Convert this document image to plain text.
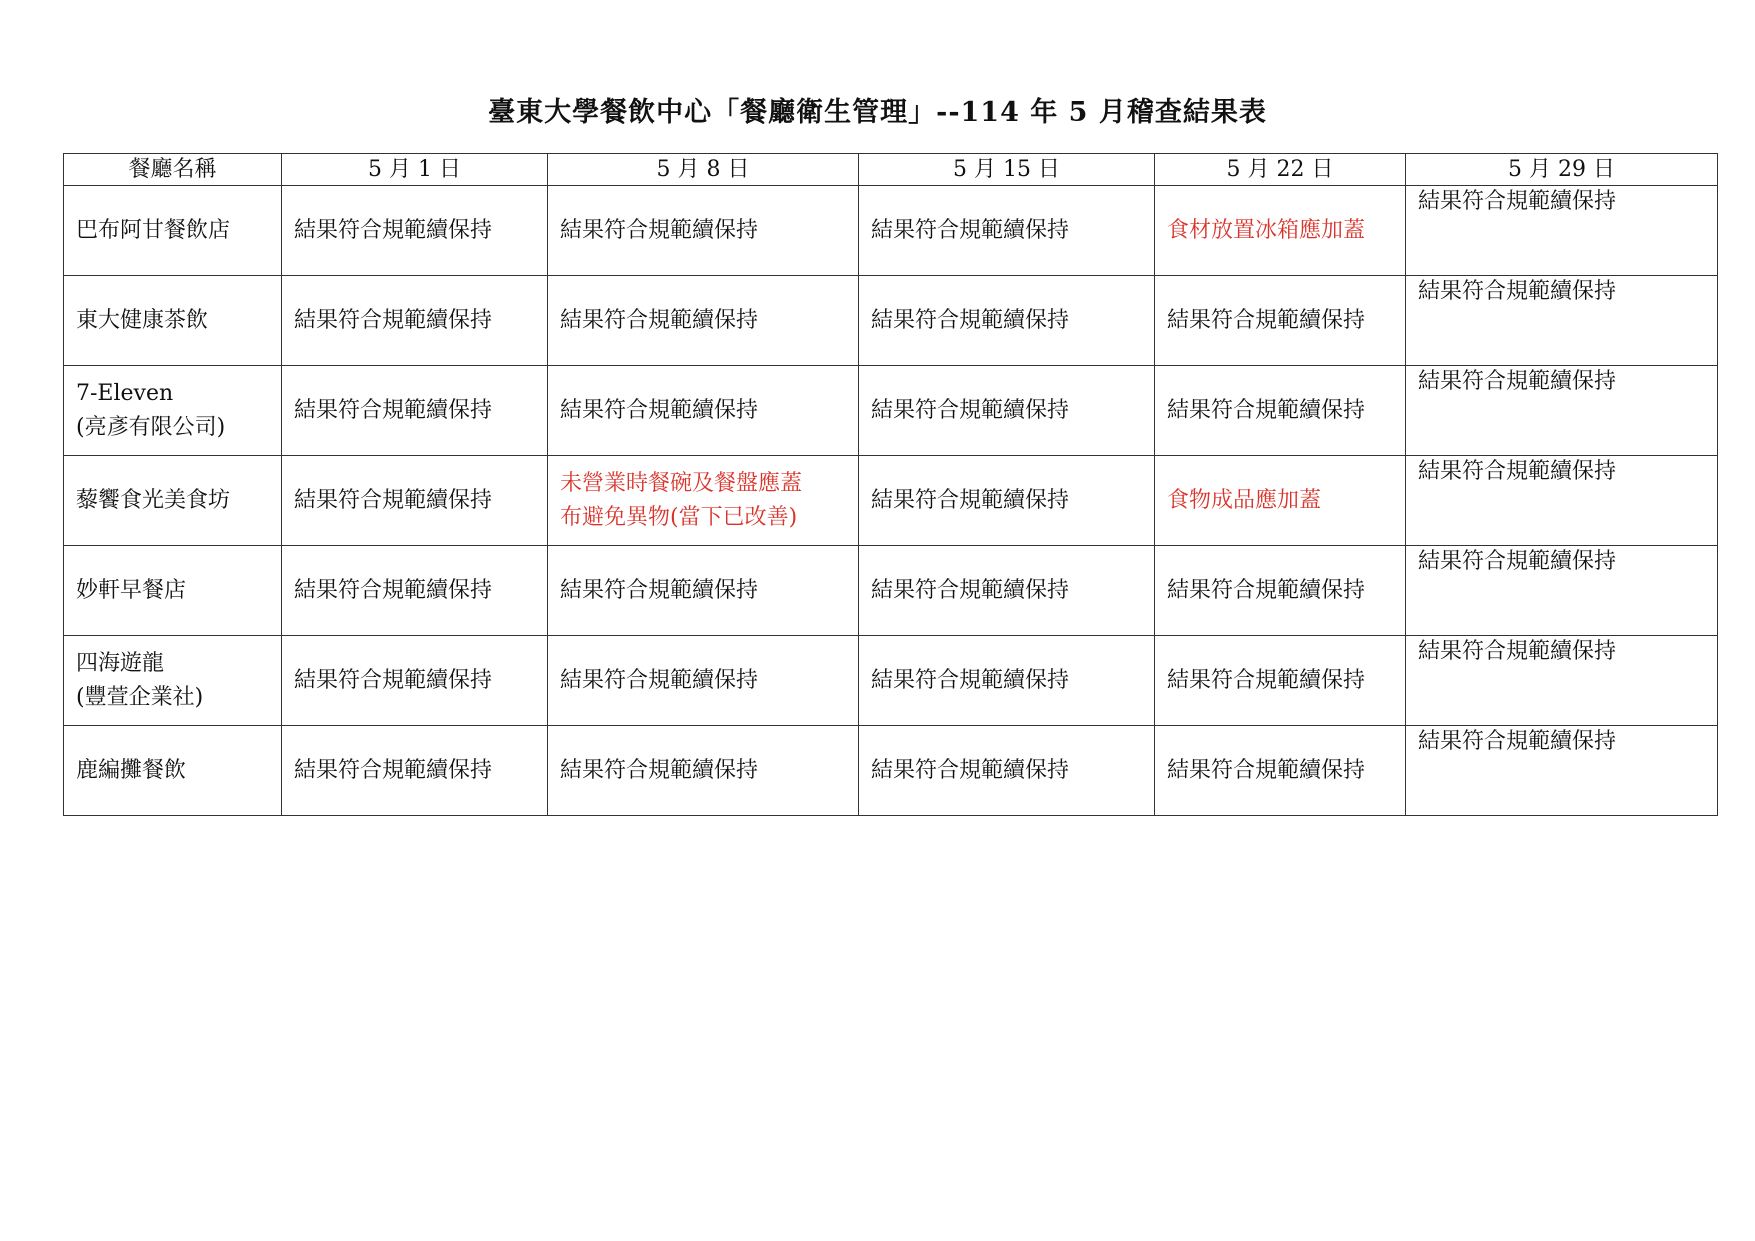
臺東大學餐飲中心「餐廳衛生管理」--114 年 5 月稽查結果表
餐廳名稱	5 月 1 日	5 月 8 日	5 月 15 日	5 月 22 日	5 月 29 日

巴布阿甘餐飲店	結果符合規範續保持	結果符合規範續保持	結果符合規範續保持	食材放置冰箱應加蓋	結果符合規範續保持

東大健康茶飲	結果符合規範續保持	結果符合規範續保持	結果符合規範續保持	結果符合規範續保持	結果符合規範續保持

7-Eleven
(亮彥有限公司)	結果符合規範續保持	結果符合規範續保持	結果符合規範續保持	結果符合規範續保持	結果符合規範續保持

藜饗食光美食坊	結果符合規範續保持	未營業時餐碗及餐盤應蓋
布避免異物(當下已改善)	結果符合規範續保持	食物成品應加蓋	結果符合規範續保持

妙軒早餐店	結果符合規範續保持	結果符合規範續保持	結果符合規範續保持	結果符合規範續保持	結果符合規範續保持

四海遊龍
(豐萱企業社)	結果符合規範續保持	結果符合規範續保持	結果符合規範續保持	結果符合規範續保持	結果符合規範續保持

鹿編攤餐飲	結果符合規範續保持	結果符合規範續保持	結果符合規範續保持	結果符合規範續保持	結果符合規範續保持
